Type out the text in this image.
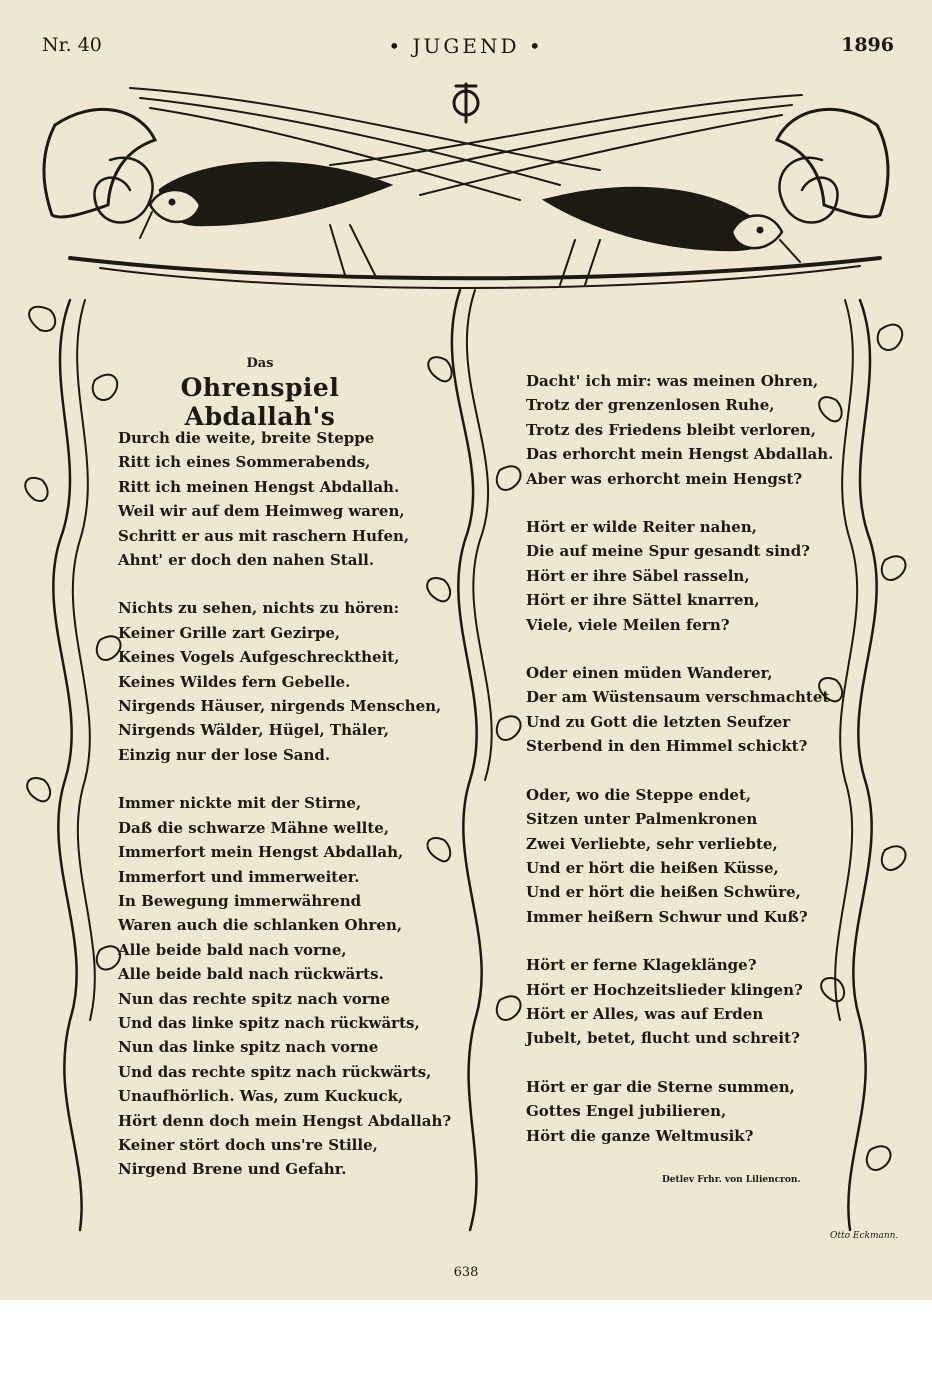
Nr. 40	• JUGEND •	1896
Das
Ohrenspiel Abdallah's
Durch die weite, breite Steppe
Ritt ich eines Sommerabends,
Ritt ich meinen Hengst Abdallah.
Weil wir auf dem Heimweg waren,
Schritt er aus mit raschern Hufen,
Ahnt' er doch den nahen Stall.
Nichts zu sehen, nichts zu hören:
Keiner Grille zart Gezirpe,
Keines Vogels Aufgeschrecktheit,
Keines Wildes fern Gebelle.
Nirgends Häuser, nirgends Menschen,
Nirgends Wälder, Hügel, Thäler,
Einzig nur der lose Sand.
Immer nickte mit der Stirne,
Daß die schwarze Mähne wellte,
Immerfort mein Hengst Abdallah,
Immerfort und immerweiter.
In Bewegung immerwährend
Waren auch die schlanken Ohren,
Alle beide bald nach vorne,
Alle beide bald nach rückwärts.
Nun das rechte spitz nach vorne
Und das linke spitz nach rückwärts,
Nun das linke spitz nach vorne
Und das rechte spitz nach rückwärts,
Unaufhörlich. Was, zum Kuckuck,
Hört denn doch mein Hengst Abdallah?
Keiner stört doch uns're Stille,
Nirgend Brene und Gefahr.
Dacht' ich mir: was meinen Ohren,
Trotz der grenzenlosen Ruhe,
Trotz des Friedens bleibt verloren,
Das erhorcht mein Hengst Abdallah.
Aber was erhorcht mein Hengst?
Hört er wilde Reiter nahen,
Die auf meine Spur gesandt sind?
Hört er ihre Säbel rasseln,
Hört er ihre Sättel knarren,
Viele, viele Meilen fern?
Oder einen müden Wanderer,
Der am Wüstensaum verschmachtet
Und zu Gott die letzten Seufzer
Sterbend in den Himmel schickt?
Oder, wo die Steppe endet,
Sitzen unter Palmenkronen
Zwei Verliebte, sehr verliebte,
Und er hört die heißen Küsse,
Und er hört die heißen Schwüre,
Immer heißern Schwur und Kuß?
Hört er ferne Klageklänge?
Hört er Hochzeitslieder klingen?
Hört er Alles, was auf Erden
Jubelt, betet, flucht und schreit?
Hört er gar die Sterne summen,
Gottes Engel jubilieren,
Hört die ganze Weltmusik?
Detlev Frhr. von Liliencron.
Otto Eckmann.
638
